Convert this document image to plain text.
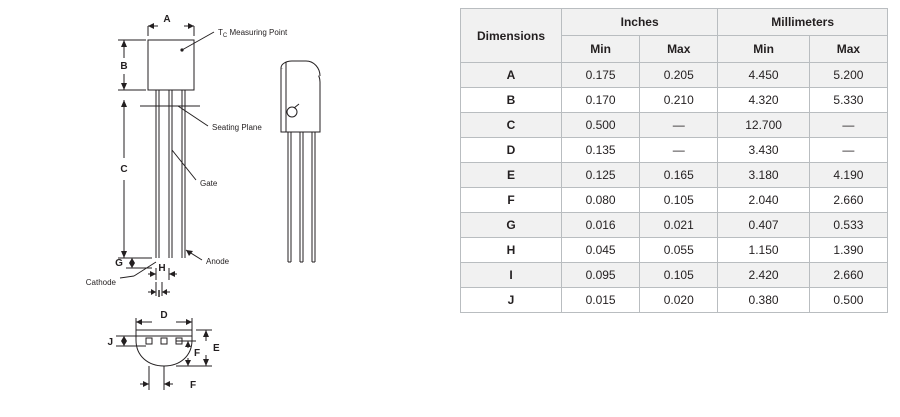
A
B
C
G	H
I
D
E
F
F
J
$T_C$ Measuring Point
Seating Plane
Gate
Anode
Cathode
Dimensions	Inches		Millimeters	
	Min	Max	Min	Max
A	0.175	0.205	4.450	5.200
B	0.170	0.210	4.320	5.330
C	0.500	—	12.700	—
D	0.135	—	3.430	—
E	0.125	0.165	3.180	4.190
F	0.080	0.105	2.040	2.660
G	0.016	0.021	0.407	0.533
H	0.045	0.055	1.150	1.390
I	0.095	0.105	2.420	2.660
J	0.015	0.020	0.380	0.500
